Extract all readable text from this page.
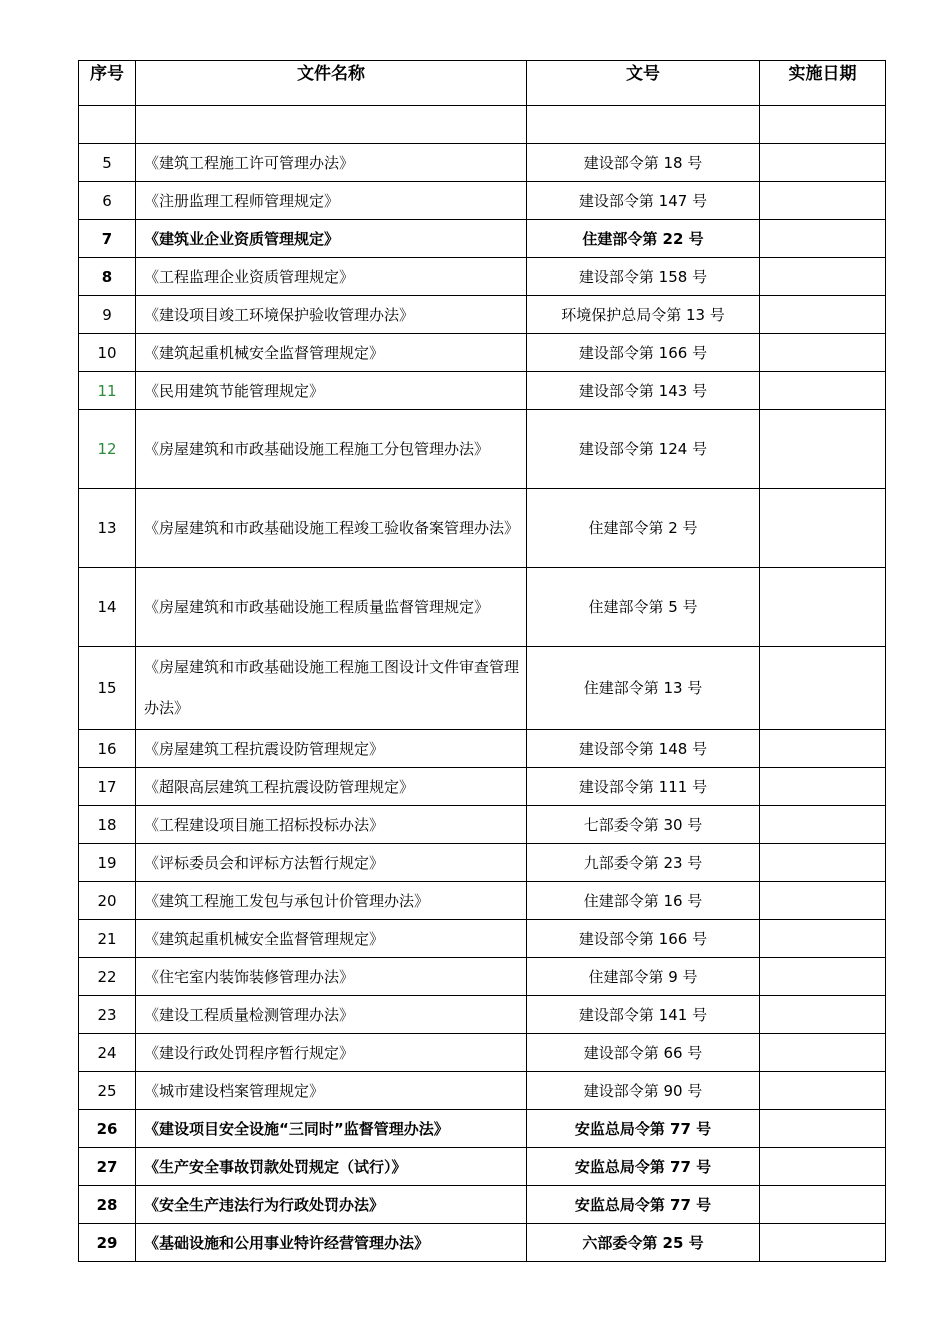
序号	文件名称	文号	实施日期

5	《建筑工程施工许可管理办法》	建设部令第 18 号	
6	《注册监理工程师管理规定》	建设部令第 147 号	
7	《建筑业企业资质管理规定》	住建部令第 22 号	
8	《工程监理企业资质管理规定》	建设部令第 158 号	
9	《建设项目竣工环境保护验收管理办法》	环境保护总局令第 13 号	
10	《建筑起重机械安全监督管理规定》	建设部令第 166 号	
11	《民用建筑节能管理规定》	建设部令第 143 号	
12	《房屋建筑和市政基础设施工程施工分包管理办法》	建设部令第 124 号	
13	《房屋建筑和市政基础设施工程竣工验收备案管理办法》	住建部令第 2 号	
14	《房屋建筑和市政基础设施工程质量监督管理规定》	住建部令第 5 号	
15	《房屋建筑和市政基础设施工程施工图设计文件审查管理办法》	住建部令第 13 号	
16	《房屋建筑工程抗震设防管理规定》	建设部令第 148 号	
17	《超限高层建筑工程抗震设防管理规定》	建设部令第 111 号	
18	《工程建设项目施工招标投标办法》	七部委令第 30 号	
19	《评标委员会和评标方法暂行规定》	九部委令第 23 号	
20	《建筑工程施工发包与承包计价管理办法》	住建部令第 16 号	
21	《建筑起重机械安全监督管理规定》	建设部令第 166 号	
22	《住宅室内装饰装修管理办法》	住建部令第 9 号	
23	《建设工程质量检测管理办法》	建设部令第 141 号	
24	《建设行政处罚程序暂行规定》	建设部令第 66 号	
25	《城市建设档案管理规定》	建设部令第 90 号	
26	《建设项目安全设施“三同时”监督管理办法》	安监总局令第 77 号	
27	《生产安全事故罚款处罚规定（试行）》	安监总局令第 77 号	
28	《安全生产违法行为行政处罚办法》	安监总局令第 77 号	
29	《基础设施和公用事业特许经营管理办法》	六部委令第 25 号	
